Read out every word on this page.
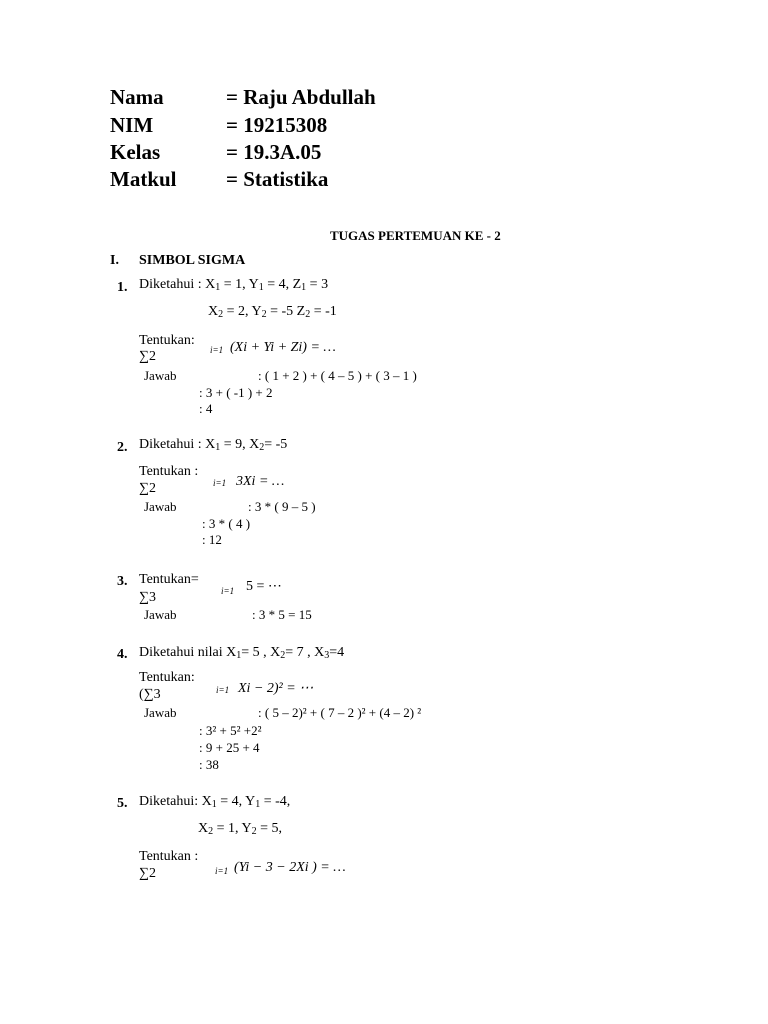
Nama	= Raju Abdullah
NIM	= 19215308
Kelas	= 19.3A.05
Matkul = Statistika
TUGAS PERTEMUAN KE - 2
I. SIMBOL SIGMA
1. Diketahui : $X_1 = 1$, $Y_1 = 4$, $Z_1 = 3$
$X_2 = 2$, $Y_2 = -5$ $Z_2 = -1$
Tentukan:
∑2	i=1 (Xi + Yi + Zi) = …
Jawab	: ( 1 + 2 ) + ( 4 – 5 ) + ( 3 – 1 )
: 3 + ( -1 ) + 2
: 4
2. Diketahui : $X_1 = 9$, $X_2= -5$
Tentukan :
∑2	i=1 3Xi = …
Jawab	: 3 * ( 9 – 5 )
: 3 * ( 4 )
: 12
3. Tentukan=
∑3	i=1 5 = ⋯
Jawab	: 3 * 5 = 15
4. Diketahui nilai $X_1= 5$ , $X_2= 7$ , $X_3=4$
Tentukan:
(∑3	i=1 Xi − 2)² = ⋯
Jawab	: ( 5 – 2)² + ( 7 – 2 )² + (4 – 2) ²
: 3² + 5² +2²
: 9 + 25 + 4
: 38
5. Diketahui: $X_1 = 4$, $Y_1 = -4$,
$X_2 = 1$, $Y_2 = 5$,
Tentukan :
∑2	i=1 (Yi − 3 − 2Xi ) = …
